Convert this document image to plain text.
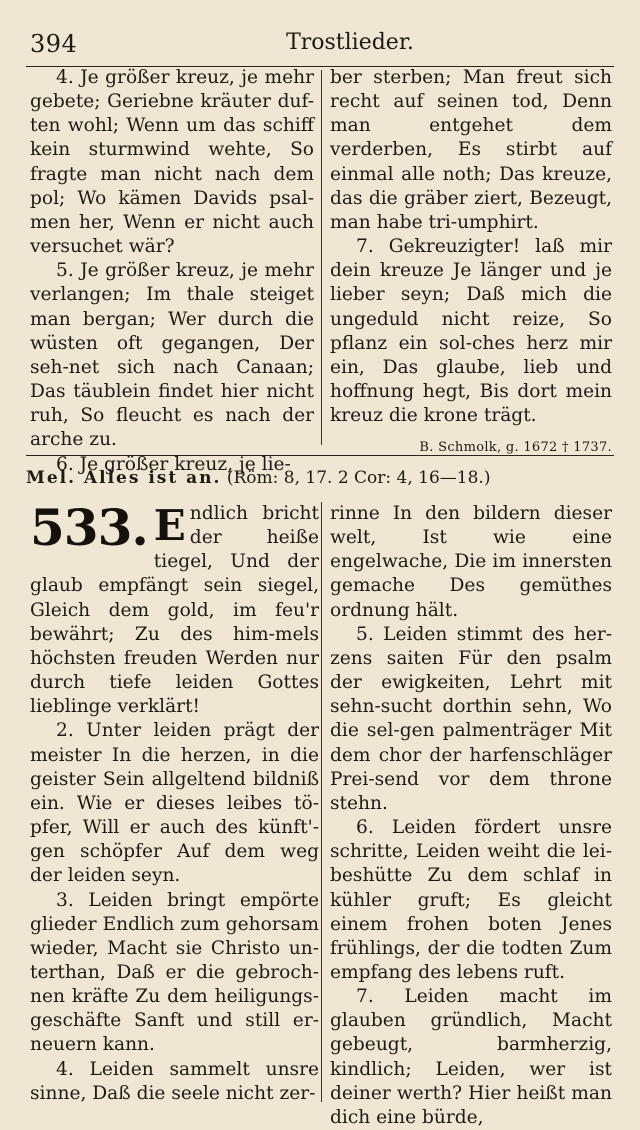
394	Trostlieder.

4. Je größer kreuz, je mehr gebete; Geriebne kräuter duf-ten wohl; Wenn um das schiff kein sturmwind wehte, So fragte man nicht nach dem pol; Wo kämen Davids psal-men her, Wenn er nicht auch versuchet wär?

5. Je größer kreuz, je mehr verlangen; Im thale steiget man bergan; Wer durch die wüsten oft gegangen, Der seh-net sich nach Canaan; Das täublein findet hier nicht ruh, So fleucht es nach der arche zu.

6. Je größer kreuz, je lie-

ber sterben; Man freut sich recht auf seinen tod, Denn man entgehet dem verderben, Es stirbt auf einmal alle noth; Das kreuze, das die gräber ziert, Bezeugt, man habe tri-umphirt.

7. Gekreuzigter! laß mir dein kreuze Je länger und je lieber seyn; Daß mich die ungeduld nicht reize, So pflanz ein sol-ches herz mir ein, Das glaube, lieb und hoffnung hegt, Bis dort mein kreuz die krone trägt.

B. Schmolk, g. 1672 † 1737.

Mel. Alles ist an. (Röm: 8, 17. 2 Cor: 4, 16—18.)

533. E ndlich bricht der heiße tiegel, Und der glaub empfängt sein siegel, Gleich dem gold, im feu'r bewährt; Zu des him-mels höchsten freuden Werden nur durch tiefe leiden Gottes lieblinge verklärt!

2. Unter leiden prägt der meister In die herzen, in die geister Sein allgeltend bildniß ein. Wie er dieses leibes tö-pfer, Will er auch des künft'-gen schöpfer Auf dem weg der leiden seyn.

3. Leiden bringt empörte glieder Endlich zum gehorsam wieder, Macht sie Christo un-terthan, Daß er die gebroch-nen kräfte Zu dem heiligungs-geschäfte Sanft und still er-neuern kann.

4. Leiden sammelt unsre sinne, Daß die seele nicht zer-

rinne In den bildern dieser welt, Ist wie eine engelwache, Die im innersten gemache Des gemüthes ordnung hält.

5. Leiden stimmt des her-zens saiten Für den psalm der ewigkeiten, Lehrt mit sehn-sucht dorthin sehn, Wo die sel-gen palmenträger Mit dem chor der harfenschläger Prei-send vor dem throne stehn.

6. Leiden fördert unsre schritte, Leiden weiht die lei-beshütte Zu dem schlaf in kühler gruft; Es gleicht einem frohen boten Jenes frühlings, der die todten Zum empfang des lebens ruft.

7. Leiden macht im glauben gründlich, Macht gebeugt, barmherzig, kindlich; Leiden, wer ist deiner werth? Hier heißt man dich eine bürde,
